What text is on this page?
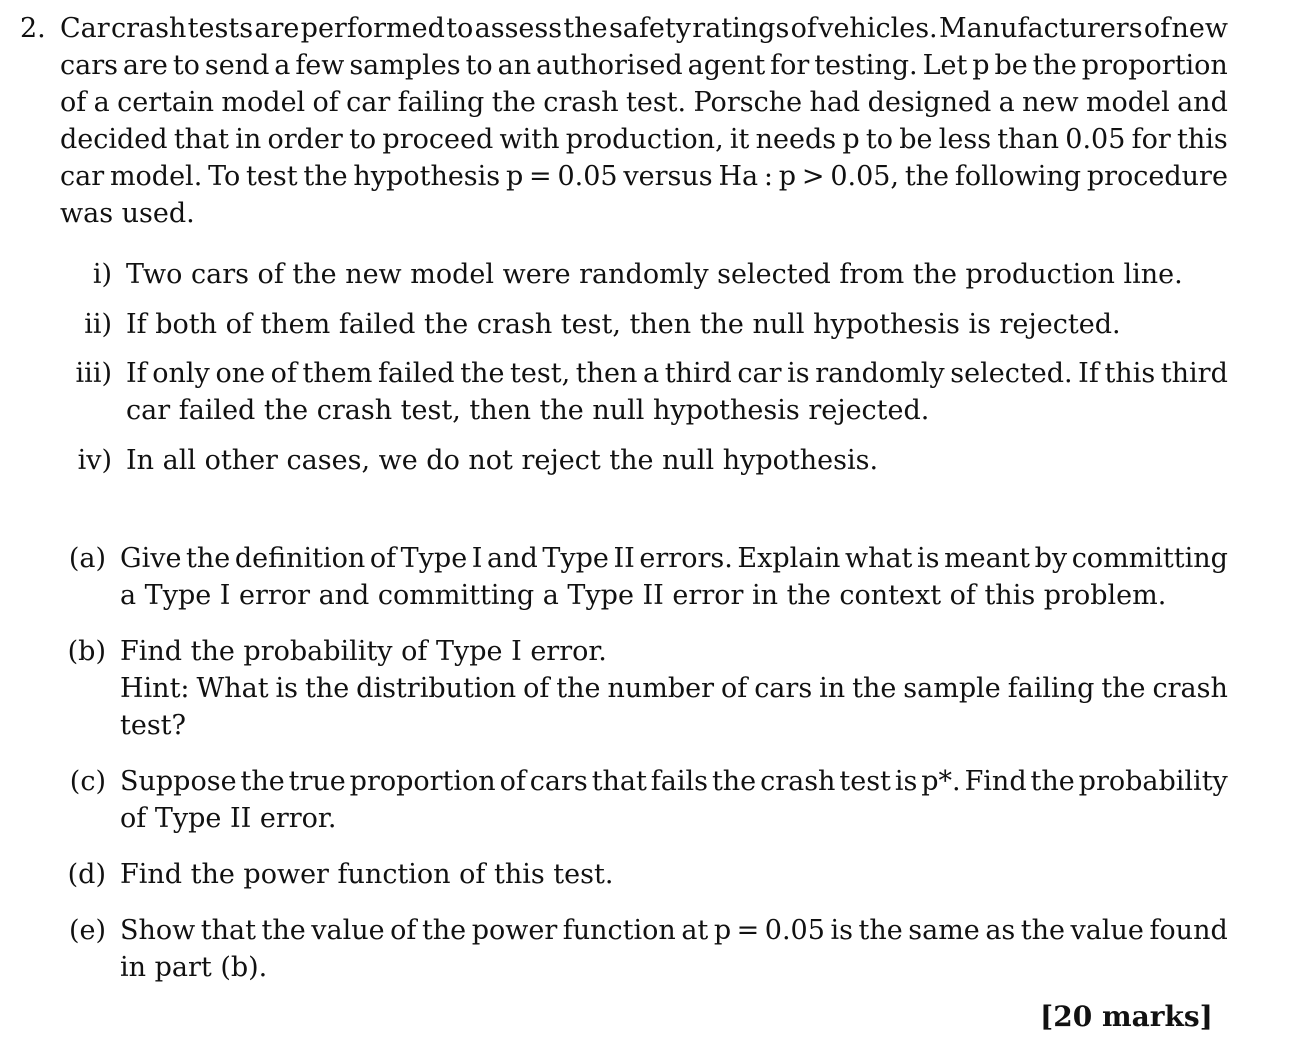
2. Car crash tests are performed to assess the safety ratings of vehicles. Manufacturers of new
cars are to send a few samples to an authorised agent for testing. Let p be the proportion
of a certain model of car failing the crash test. Porsche had designed a new model and
decided that in order to proceed with production, it needs p to be less than 0.05 for this
car model. To test the hypothesis p = 0.05 versus Ha : p > 0.05, the following procedure
was used.
i) Two cars of the new model were randomly selected from the production line.
ii) If both of them failed the crash test, then the null hypothesis is rejected.
iii) If only one of them failed the test, then a third car is randomly selected. If this third
car failed the crash test, then the null hypothesis rejected.
iv) In all other cases, we do not reject the null hypothesis.
(a) Give the definition of Type I and Type II errors. Explain what is meant by committing
a Type I error and committing a Type II error in the context of this problem.
(b) Find the probability of Type I error.
Hint: What is the distribution of the number of cars in the sample failing the crash
test?
(c) Suppose the true proportion of cars that fails the crash test is p*. Find the probability
of Type II error.
(d) Find the power function of this test.
(e) Show that the value of the power function at p = 0.05 is the same as the value found
in part (b).
[20 marks]
